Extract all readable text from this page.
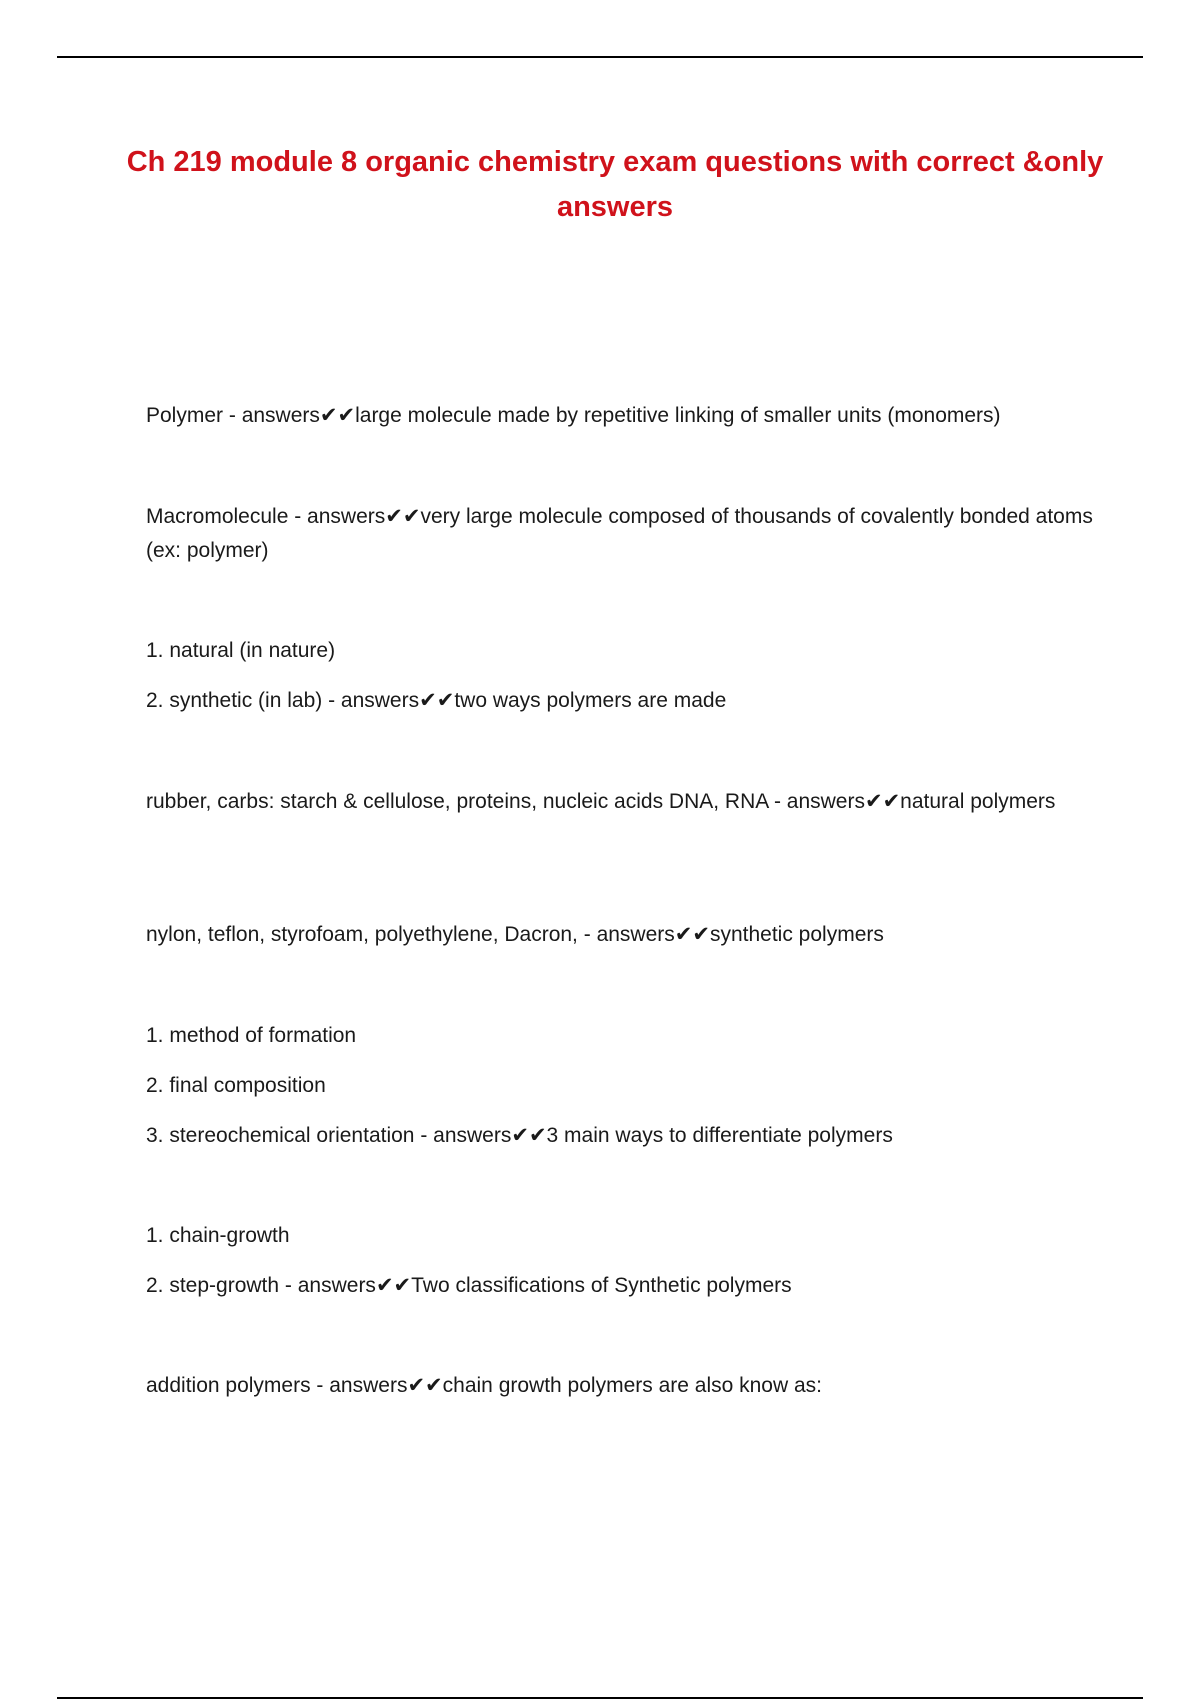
Ch 219 module 8 organic chemistry exam questions with correct &only answers
Polymer - answers✔✔large molecule made by repetitive linking of smaller units (monomers)
Macromolecule - answers✔✔very large molecule composed of thousands of covalently bonded atoms (ex: polymer)
1. natural (in nature)
2. synthetic (in lab) - answers✔✔two ways polymers are made
rubber, carbs: starch & cellulose, proteins, nucleic acids DNA, RNA - answers✔✔natural polymers
nylon, teflon, styrofoam, polyethylene, Dacron, - answers✔✔synthetic polymers
1. method of formation
2. final composition
3. stereochemical orientation - answers✔✔3 main ways to differentiate polymers
1. chain-growth
2. step-growth - answers✔✔Two classifications of Synthetic polymers
addition polymers - answers✔✔chain growth polymers are also know as:
